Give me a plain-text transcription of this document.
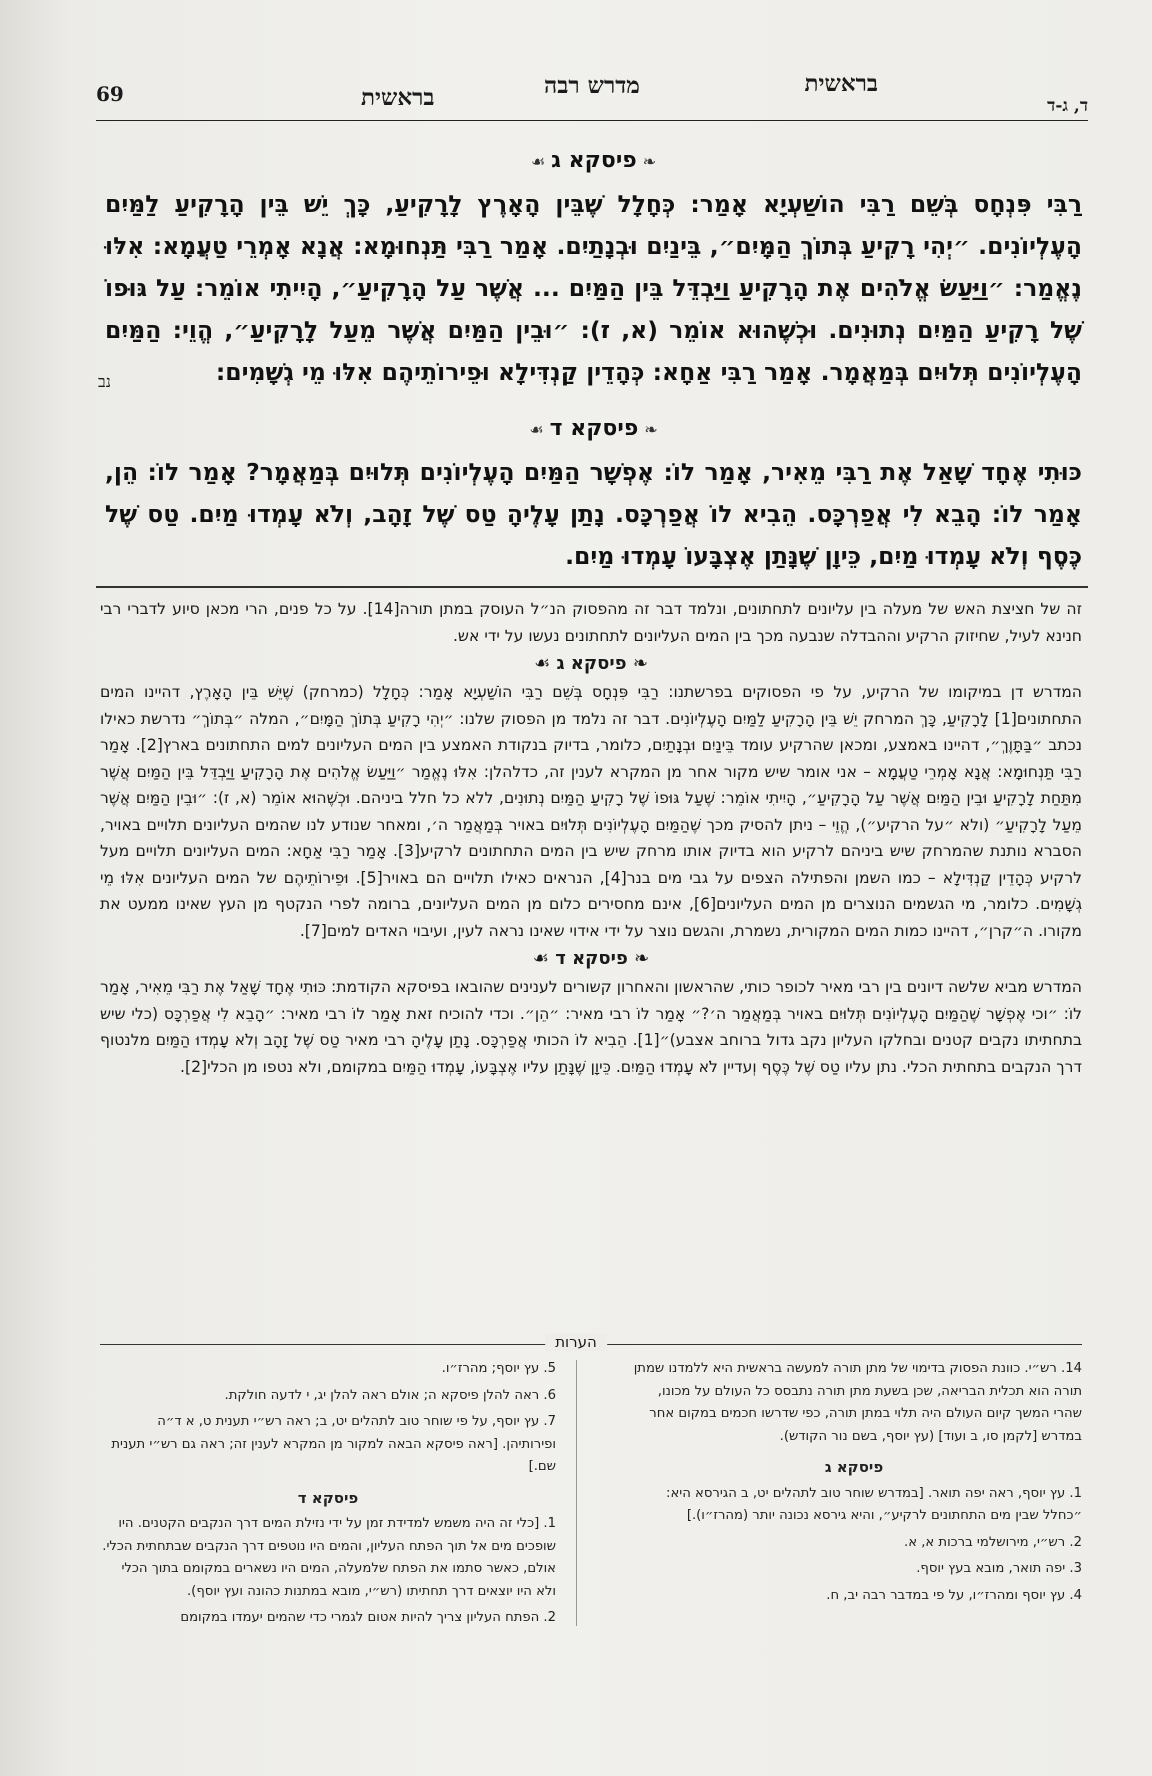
ד, ג-ד
בראשית
מדרש רבה
בראשית
69
❧פיסקא ג☙
רַבִּי פִּנְחָס בְּשֵׁם רַבִּי הוֹשַׁעְיָא אָמַר: כְּחָלָל שֶׁבֵּין הָאָרֶץ לָרָקִיעַ, כָּךְ יֵשׁ בֵּין הָרָקִיעַ לַמַּיִם הָעֶלְיוֹנִים. ״יְהִי רָקִיעַ בְּתוֹךְ הַמָּיִם״, בֵּינַיִם וּבְנָתַיִם. אָמַר רַבִּי תַּנְחוּמָא: אֲנָא אָמְרֵי טַעֲמָא: אִלּוּ נֶאֱמַר: ״וַיַּעַשׂ אֱלֹהִים אֶת הָרָקִיעַ וַיַּבְדֵּל בֵּין הַמַּיִם ... אֲשֶׁר עַל הָרָקִיעַ״, הָיִיתִי אוֹמֵר: עַל גּוּפוֹ שֶׁל רָקִיעַ הַמַּיִם נְתוּנִים. וּכְשֶׁהוּא אוֹמֵר (א, ז): ״וּבֵין הַמַּיִם אֲשֶׁר מֵעַל לָרָקִיעַ״, הֱוֵי: הַמַּיִם הָעֶלְיוֹנִים תְּלוּיִם בְּמַאֲמָר. אָמַר רַבִּי אַחָא: כְּהָדֵין קַנְדִּילָא וּפֵירוֹתֵיהֶם אִלּוּ מֵי גְשָׁמִים:
נב
❧פיסקא ד☙
כּוּתִי אֶחָד שָׁאַל אֶת רַבִּי מֵאִיר, אָמַר לוֹ: אֶפְשָׁר הַמַּיִם הָעֶלְיוֹנִים תְּלוּיִם בְּמַאֲמָר? אָמַר לוֹ: הֵן, אָמַר לוֹ: הָבֵא לִי אֲפַרְכָּס. הֵבִיא לוֹ אֲפַרְכָּס. נָתַן עָלֶיהָ טַס שֶׁל זָהָב, וְלֹא עָמְדוּ מַיִם. טַס שֶׁל כֶּסֶף וְלֹא עָמְדוּ מַיִם, כֵּיוָן שֶׁנָּתַן אֶצְבָּעוֹ עָמְדוּ מַיִם.
זה של חציצת האש של מעלה בין עליונים לתחתונים, ונלמד דבר זה מהפסוק הנ״ל העוסק במתן תורה[14]. על כל פנים, הרי מכאן סיוע לדברי רבי חנינא לעיל, שחיזוק הרקיע וההבדלה שנבעה מכך בין המים העליונים לתחתונים נעשו על ידי אש.
❧ פיסקא ג ☙
המדרש דן במיקומו של הרקיע, על פי הפסוקים בפרשתנו: רַבִּי פִּנְחָס בְּשֵׁם רַבִּי הוֹשַׁעְיָא אָמַר: כְּחָלָל (כמרחק) שֶׁיֵּשׁ בֵּין הָאָרֶץ, דהיינו המים התחתונים[1] לָרָקִיעַ, כָּךְ המרחק יֵשׁ בֵּין הָרָקִיעַ לַמַּיִם הָעֶלְיוֹנִים. דבר זה נלמד מן הפסוק שלנו: ״יְהִי רָקִיעַ בְּתוֹךְ הַמָּיִם״, המלה ״בְּתוֹךְ״ נדרשת כאילו נכתב ״בַּתָּוֶךְ״, דהיינו באמצע, ומכאן שהרקיע עומד בֵּינַיִם וּבְנָתַיִם, כלומר, בדיוק בנקודת האמצע בין המים העליונים למים התחתונים בארץ[2]. אָמַר רַבִּי תַּנְחוּמָא: אֲנָא אָמְרֵי טַעֲמָא – אני אומר שיש מקור אחר מן המקרא לענין זה, כדלהלן: אִלּוּ נֶאֱמַר ״וַיַּעַשׂ אֱלֹהִים אֶת הָרָקִיעַ וַיַּבְדֵּל בֵּין הַמַּיִם אֲשֶׁר מִתַּחַת לָרָקִיעַ וּבֵין הַמַּיִם אֲשֶׁר עַל הָרָקִיעַ״, הָיִיתִי אוֹמֵר: שֶׁעַל גּוּפוֹ שֶׁל רָקִיעַ הַמַּיִם נְתוּנִים, ללא כל חלל ביניהם. וּכְשֶׁהוּא אוֹמֵר (א, ז): ״וּבֵין הַמַּיִם אֲשֶׁר מֵעַל לָרָקִיעַ״ (ולא ״על הרקיע״), הֱוֵי – ניתן להסיק מכך שֶׁהַמַּיִם הָעֶלְיוֹנִים תְּלוּיִם באויר בְּמַאֲמַר ה׳, ומאחר שנודע לנו שהמים העליונים תלויים באויר, הסברא נותנת שהמרחק שיש ביניהם לרקיע הוא בדיוק אותו מרחק שיש בין המים התחתונים לרקיע[3]. אָמַר רַבִּי אַחָא: המים העליונים תלויים מעל לרקיע כְּהָדֵין קַנְדִּילָא – כמו השמן והפתילה הצפים על גבי מים בנר[4], הנראים כאילו תלויים הם באויר[5]. וּפֵירוֹתֵיהֶם של המים העליונים אִלּוּ מֵי גְשָׁמִים. כלומר, מי הגשמים הנוצרים מן המים העליונים[6], אינם מחסירים כלום מן המים העליונים, ברומה לפרי הנקטף מן העץ שאינו ממעט את מקורו. ה״קרן״, דהיינו כמות המים המקורית, נשמרת, והגשם נוצר על ידי אידוי שאינו נראה לעין, ועיבוי האדים למים[7].
❧ פיסקא ד ☙
המדרש מביא שלשה דיונים בין רבי מאיר לכופר כותי, שהראשון והאחרון קשורים לענינים שהובאו בפיסקא הקודמת: כּוּתִי אֶחָד שָׁאַל אֶת רַבִּי מֵאִיר, אָמַר לוֹ: ״וכי אֶפְשָׁר שֶׁהַמַּיִם הָעֶלְיוֹנִים תְּלוּיִם באויר בְּמַאֲמַר ה׳?״ אָמַר לוֹ רבי מאיר: ״הֵן״. וכדי להוכיח זאת אָמַר לוֹ רבי מאיר: ״הָבֵא לִי אֲפַרְכָּס (כלי שיש בתחתיתו נקבים קטנים ובחלקו העליון נקב גדול ברוחב אצבע)״[1]. הֵבִיא לוֹ הכותי אֲפַרְכָּס. נָתַן עָלֶיהָ רבי מאיר טַס שֶׁל זָהָב וְלֹא עָמְדוּ הַמַּיִם מלנטוף דרך הנקבים בתחתית הכלי. נתן עליו טַס שֶׁל כֶּסֶף וְעדיין לֹא עָמְדוּ הַמַּיִם. כֵּיוָן שֶׁנָּתַן עליו אֶצְבָּעוֹ, עָמְדוּ הַמַּיִם במקומם, ולא נטפו מן הכלי[2].
הערות

14. רש״י. כוונת הפסוק בדימוי של מתן תורה למעשה בראשית היא ללמדנו שמתן תורה הוא תכלית הבריאה, שכן בשעת מתן תורה נתבסס כל העולם על מכונו, שהרי המשך קיום העולם היה תלוי במתן תורה, כפי שדרשו חכמים במקום אחר במדרש [לקמן סו, ב ועוד] (עץ יוסף, בשם נור הקודש).

פיסקא ג

1. עץ יוסף, ראה יפה תואר. [במדרש שוחר טוב לתהלים יט, ב הגירסא היא: ״כחלל שבין מים התחתונים לרקיע״, והיא גירסא נכונה יותר (מהרז״ו).]

2. רש״י, מירושלמי ברכות א, א.

3. יפה תואר, מובא בעץ יוסף.

4. עץ יוסף ומהרז״ו, על פי במדבר רבה יב, ח.

5. עץ יוסף; מהרז״ו.

6. ראה להלן פיסקא ה; אולם ראה להלן יג, י לדעה חולקת.

7. עץ יוסף, על פי שוחר טוב לתהלים יט, ב; ראה רש״י תענית ט, א ד״ה ופירותיהן. [ראה פיסקא הבאה למקור מן המקרא לענין זה; ראה גם רש״י תענית שם.]

פיסקא ד

1. [כלי זה היה משמש למדידת זמן על ידי נזילת המים דרך הנקבים הקטנים. היו שופכים מים אל תוך הפתח העליון, והמים היו נוטפים דרך הנקבים שבתחתית הכלי. אולם, כאשר סתמו את הפתח שלמעלה, המים היו נשארים במקומם בתוך הכלי ולא היו יוצאים דרך תחתיתו (רש״י, מובא במתנות כהונה ועץ יוסף).

2. הפתח העליון צריך להיות אטום לגמרי כדי שהמים יעמדו במקומם
